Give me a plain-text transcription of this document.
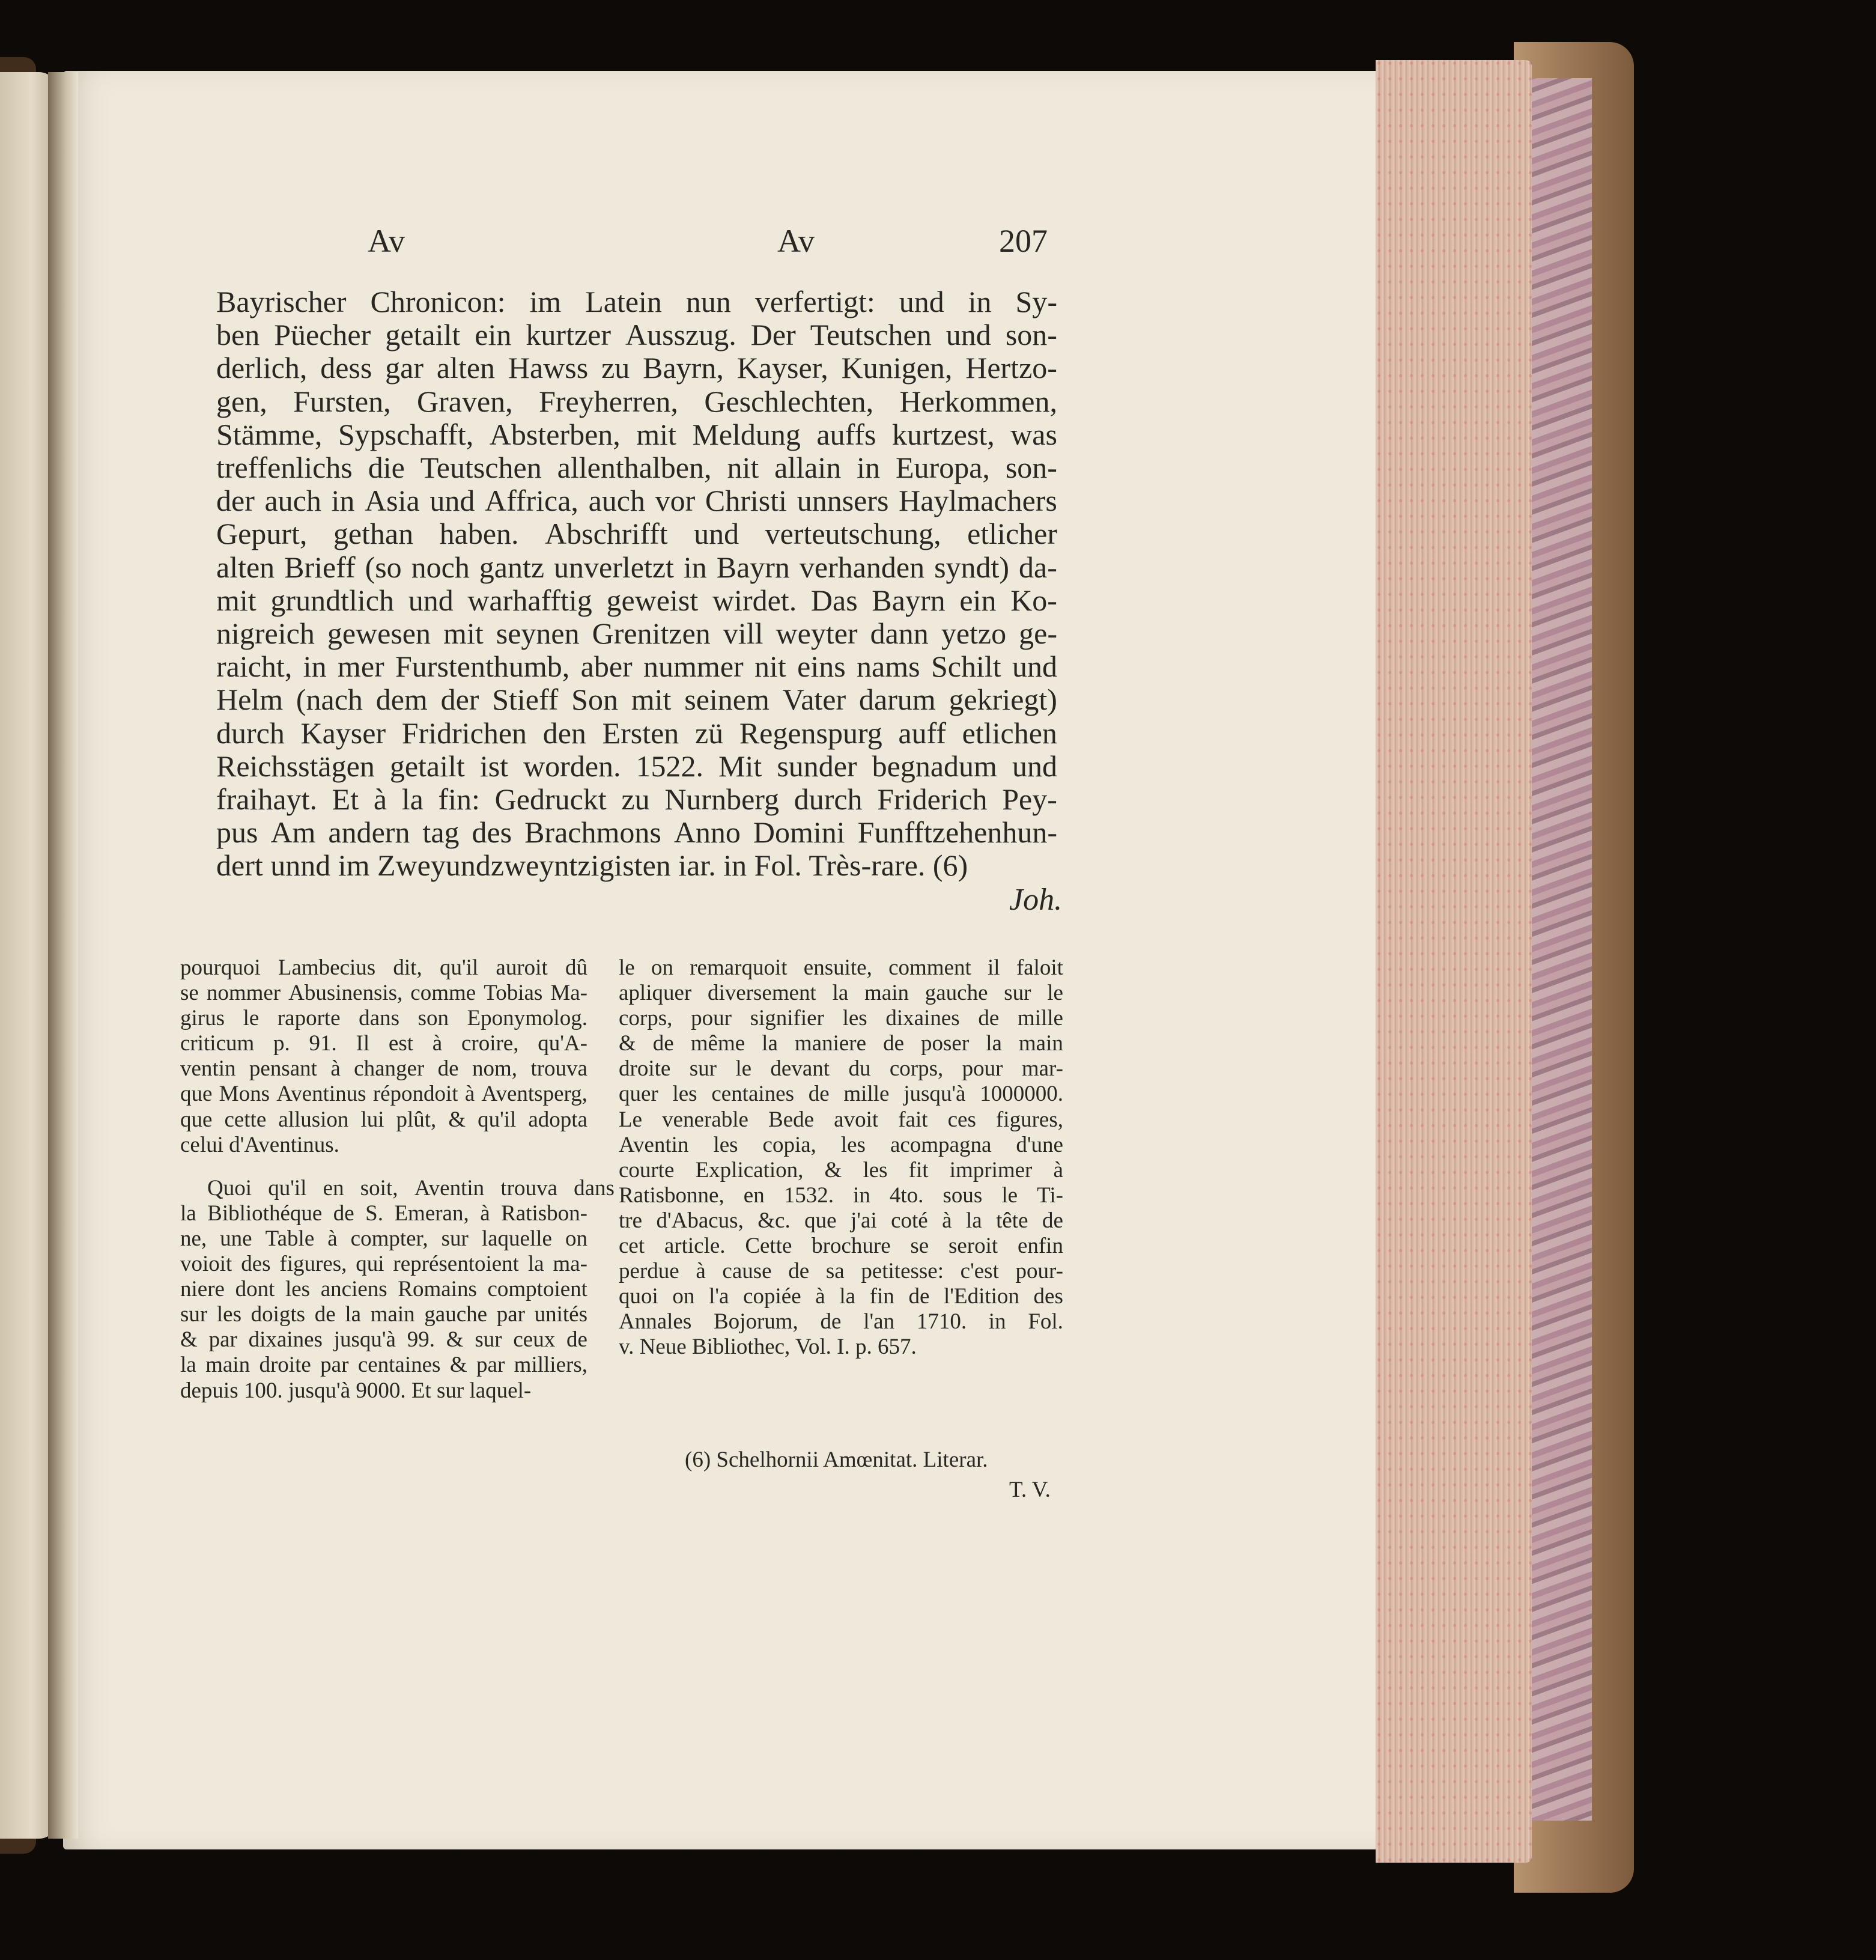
Av	Av	207
Bayrischer Chronicon: im Latein nun verfertigt: und in Sy-
ben Püecher getailt ein kurtzer Ausszug. Der Teutschen und son-
derlich, dess gar alten Hawss zu Bayrn, Kayser, Kunigen, Hertzo-
gen, Fursten, Graven, Freyherren, Geschlechten, Herkommen,
Stämme, Sypschafft, Absterben, mit Meldung auffs kurtzest, was
treffenlichs die Teutschen allenthalben, nit allain in Europa, son-
der auch in Asia und Affrica, auch vor Christi unnsers Haylmachers
Gepurt, gethan haben. Abschrifft und verteutschung, etlicher
alten Brieff (so noch gantz unverletzt in Bayrn verhanden syndt) da-
mit grundtlich und warhafftig geweist wirdet. Das Bayrn ein Ko-
nigreich gewesen mit seynen Grenitzen vill weyter dann yetzo ge-
raicht, in mer Furstenthumb, aber nummer nit eins nams Schilt und
Helm (nach dem der Stieff Son mit seinem Vater darum gekriegt)
durch Kayser Fridrichen den Ersten zü Regenspurg auff etlichen
Reichsstägen getailt ist worden. 1522. Mit sunder begnadum und
fraihayt. Et à la fin: Gedruckt zu Nurnberg durch Friderich Pey-
pus Am andern tag des Brachmons Anno Domini Funfftzehenhun-
dert unnd im Zweyundzweyntzigisten iar. in Fol. Très-rare. (6)
Joh.
pourquoi Lambecius dit, qu'il auroit dû
se nommer Abusinensis, comme Tobias Ma-
girus le raporte dans son Eponymolog.
criticum p. 91. Il est à croire, qu'A-
ventin pensant à changer de nom, trouva
que Mons Aventinus répondoit à Aventsperg,
que cette allusion lui plût, & qu'il adopta
celui d'Aventinus.
Quoi qu'il en soit, Aventin trouva dans
la Bibliothéque de S. Emeran, à Ratisbon-
ne, une Table à compter, sur laquelle on
voioit des figures, qui représentoient la ma-
niere dont les anciens Romains comptoient
sur les doigts de la main gauche par unités
& par dixaines jusqu'à 99. & sur ceux de
la main droite par centaines & par milliers,
depuis 100. jusqu'à 9000. Et sur laquel-
le on remarquoit ensuite, comment il faloit
apliquer diversement la main gauche sur le
corps, pour signifier les dixaines de mille
& de même la maniere de poser la main
droite sur le devant du corps, pour mar-
quer les centaines de mille jusqu'à 1000000.
Le venerable Bede avoit fait ces figures,
Aventin les copia, les acompagna d'une
courte Explication, & les fit imprimer à
Ratisbonne, en 1532. in 4to. sous le Ti-
tre d'Abacus, &c. que j'ai coté à la tête de
cet article. Cette brochure se seroit enfin
perdue à cause de sa petitesse: c'est pour-
quoi on l'a copiée à la fin de l'Edition des
Annales Bojorum, de l'an 1710. in Fol.
v. Neue Bibliothec, Vol. I. p. 657.
(6) Schelhornii Amœnitat. Literar.
T. V.
